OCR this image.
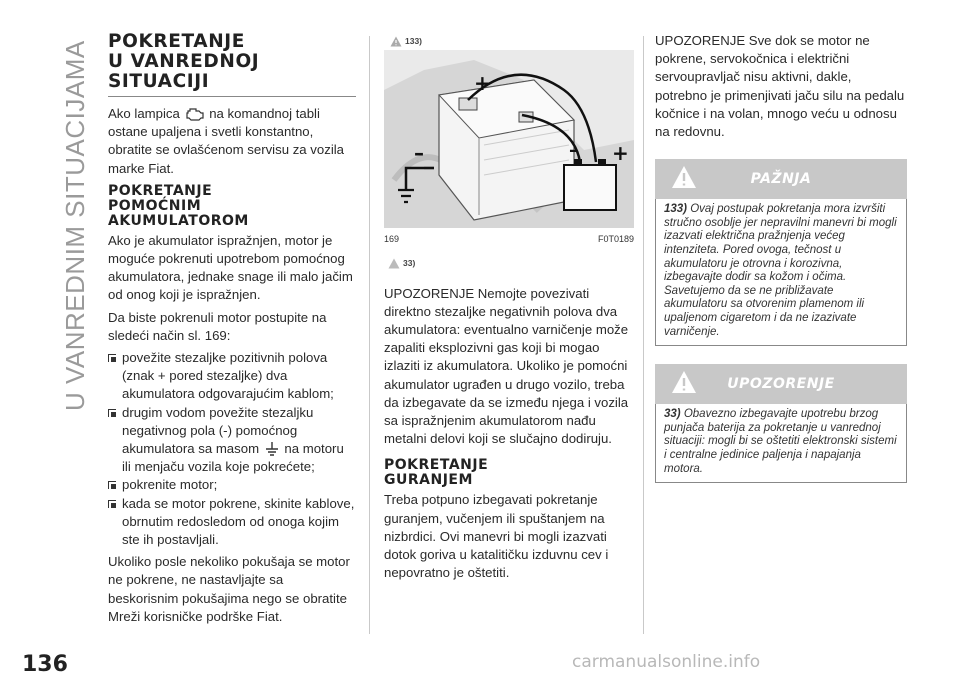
U VANREDNIM SITUACIJAMA
136	carmanualsonline.info
POKRETANJE
U VANREDNOJ
SITUACIJI

Ako lampica na komandnoj tabli ostane upaljena i svetli konstantno, obratite se ovlašćenom servisu za vozila marke Fiat.

POKRETANJE
POMOĆNIM
AKUMULATOROM

Ako je akumulator ispražnjen, motor je moguće pokrenuti upotrebom pomoćnog akumulatora, jednake snage ili malo jačim od onog koji je ispražnjen.

Da biste pokrenuli motor postupite na sledeći način sl. 169:

povežite stezaljke pozitivnih polova (znak + pored stezaljke) dva akumulatora odgovarajućim kablom;
drugim vodom povežite stezaljku negativnog pola (-) pomoćnog akumulatora sa masom na motoru ili menjaču vozila koje pokrećete;
pokrenite motor;
kada se motor pokrene, skinite kablove, obrnutim redosledom od onoga kojim ste ih postavljali.

Ukoliko posle nekoliko pokušaja se motor ne pokrene, ne nastavljajte sa beskorisnim pokušajima nego se obratite Mreži korisničke podrške Fiat.

133)
+
–	– +
169	F0T0189
33)

UPOZORENJE Nemojte povezivati direktno stezaljke negativnih polova dva akumulatora: eventualno varničenje može zapaliti eksplozivni gas koji bi mogao izlaziti iz akumulatora. Ukoliko je pomoćni akumulator ugrađen u drugo vozilo, treba da izbegavate da se između njega i vozila sa ispražnjenim akumulatorom nađu metalni delovi koji se slučajno dodiruju.

POKRETANJE
GURANJEM

Treba potpuno izbegavati pokretanje guranjem, vučenjem ili spuštanjem na nizbrdici. Ovi manevri bi mogli izazvati dotok goriva u katalitičku izduvnu cev i nepovratno je oštetiti.

UPOZORENJE Sve dok se motor ne pokrene, servokočnica i električni servoupravljač nisu aktivni, dakle, potrebno je primenjivati jaču silu na pedalu kočnice i na volan, mnogo veću u odnosu na redovnu.

PAŽNJA
133) Ovaj postupak pokretanja mora izvršiti stručno osoblje jer nepravilni manevri bi mogli izazvati električna pražnjenja većeg intenziteta. Pored ovoga, tečnost u akumulatoru je otrovna i korozivna, izbegavajte dodir sa kožom i očima. Savetujemo da se ne približavate akumulatoru sa otvorenim plamenom ili upaljenom cigaretom i da ne izazivate varničenje.
UPOZORENJE
33) Obavezno izbegavajte upotrebu brzog punjača baterija za pokretanje u vanrednoj situaciji: mogli bi se oštetiti elektronski sistemi i centralne jedinice paljenja i napajanja motora.
